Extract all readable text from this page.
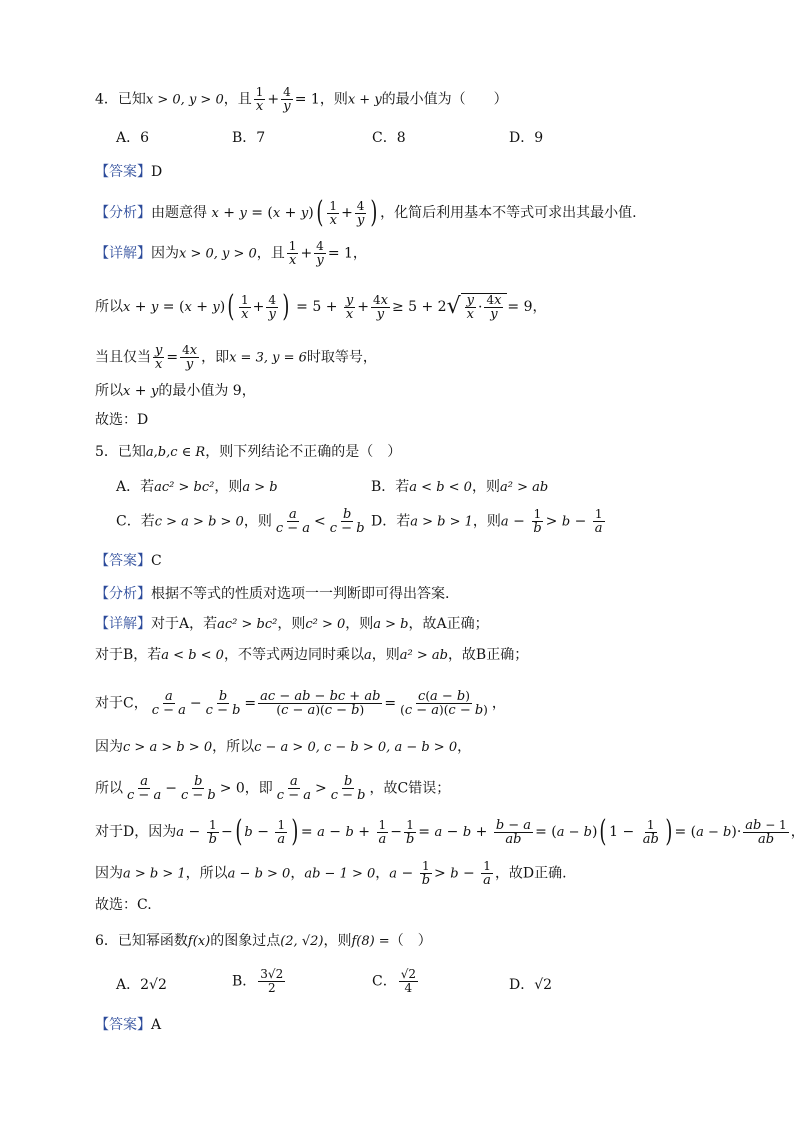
4．已知x > 0, y > 0，且 $\frac{1}{x} + \frac{4}{y} = 1$，则x + y的最小值为（　　）
A．6	B．7	C．8	D．9
【答案】D
【分析】由题意得 $x + y = (x + y)( \frac{1}{x} + \frac{4}{y}$ ) ，化简后利用基本不等式可求出其最小值.
【详解】因为x > 0, y > 0，且 $\frac{1}{x} + \frac{4}{y} = 1$，
所以$x + y = (x + y)( \frac{1}{x} + \frac{4}{y}$ ) = $5 + \frac{y}{x} + \frac{4x}{y} \ge 5 + 2√ \frac{y}{x} \cdot \frac{4x}{y} = 9$，
当且仅当 $\frac{y}{x} = \frac{4x}{y}$ ，即x = 3, y = 6时取等号，
所以x + y的最小值为 9，
故选：D
5．已知a,b,c ∈ R，则下列结论不正确的是（　）
A．若ac² > bc²，则a > b	B．若a < b < 0，则a² > ab
C．若c > a > b > 0，则 $\frac{a}{c - a} < \frac{b}{c - b}$ D．若a > b > 1，则$a - \frac{1}{b} > b - \frac{1}{a}$
【答案】C
【分析】根据不等式的性质对选项一一判断即可得出答案.
【详解】对于A，若ac² > bc²，则c² > 0，则a > b，故A正确；
对于B，若a < b < 0，不等式两边同时乘以a，则a² > ab，故B正确；
对于C， $\frac{a}{c - a} - \frac{b}{c - b} = \frac{ac - ab - bc + ab}{(c - a)(c - b)} = \frac{c(a - b)}{(c - a)(c - b)}$ ，
因为c > a > b > 0，所以c − a > 0, c − b > 0, a − b > 0，
所以 $\frac{a}{c - a} - \frac{b}{c - b} > 0$，即 $\frac{a}{c - a} > \frac{b}{c - b}$ ，故C错误；
对于D，因为$a - \frac{1}{b}$ −( $b - \frac{1}{a}$ ) = $a - b + \frac{1}{a} - \frac{1}{b} = a - b + \frac{b - a}{ab} = (a - b)$( $1 - \frac{1}{ab}$ ) = $(a - b)\cdot \frac{ab - 1}{ab}$ ，
因为a > b > 1，所以a − b > 0，ab − 1 > 0，$a - \frac{1}{b} > b - \frac{1}{a}$ ，故D正确.
故选：C.
6．已知幂函数f(x)的图象过点(2, √2)，则f(8) =（　）
A．2√2	B． $\frac{3√2}{2}$	C． $\frac{√2}{4}$	D．√2
【答案】A
